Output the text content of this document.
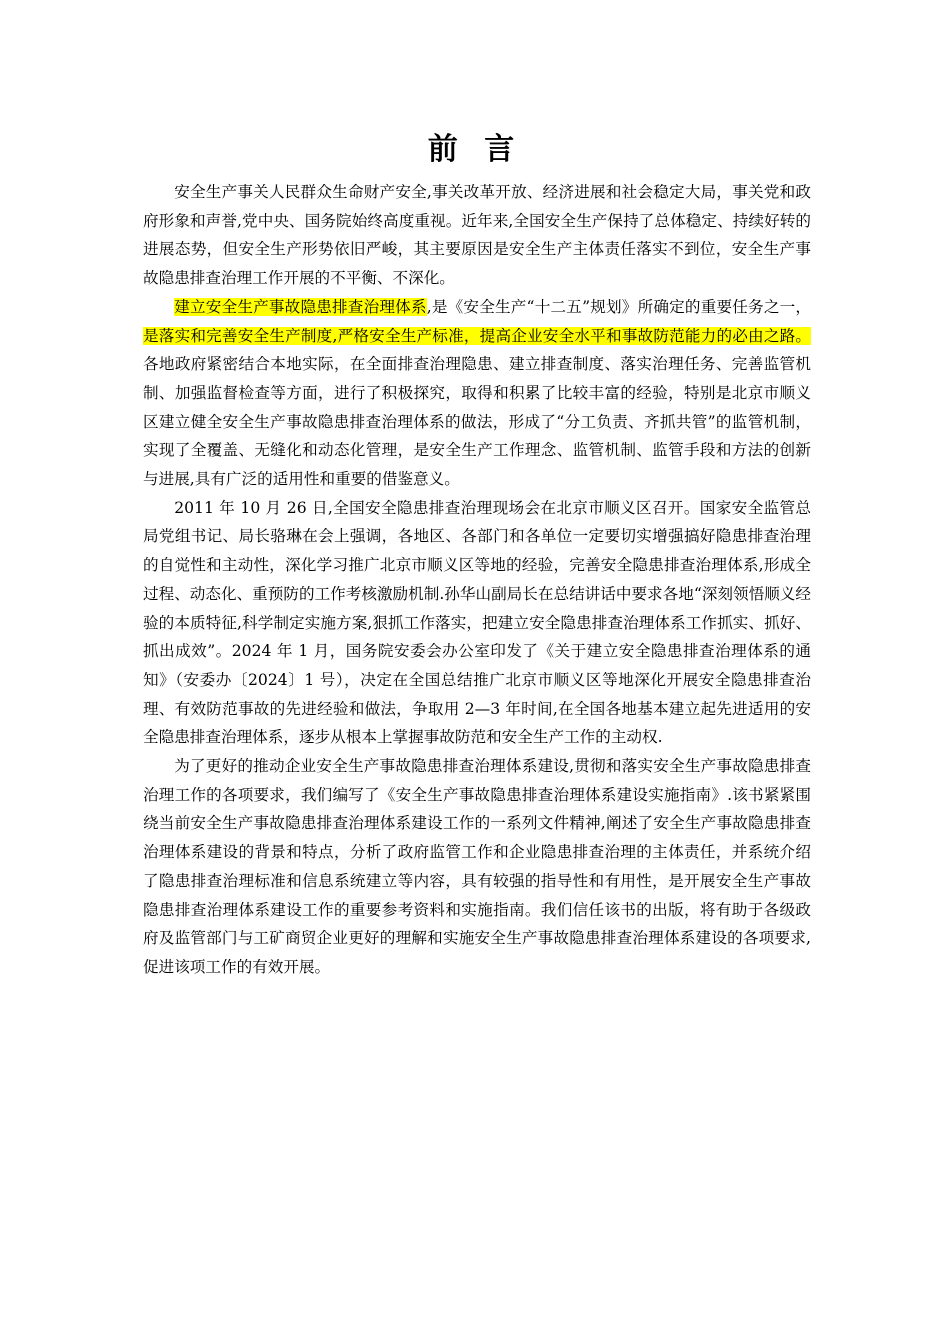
前 言

安全生产事关人民群众生命财产安全,事关改革开放、经济进展和社会稳定大局，事关党和政府形象和声誉,党中央、国务院始终高度重视。近年来,全国安全生产保持了总体稳定、持续好转的进展态势，但安全生产形势依旧严峻，其主要原因是安全生产主体责任落实不到位，安全生产事故隐患排查治理工作开展的不平衡、不深化。

建立安全生产事故隐患排查治理体系,是《安全生产“十二五”规划》所确定的重要任务之一，是落实和完善安全生产制度,严格安全生产标准，提高企业安全水平和事故防范能力的必由之路。各地政府紧密结合本地实际，在全面排查治理隐患、建立排查制度、落实治理任务、完善监管机制、加强监督检查等方面，进行了积极探究，取得和积累了比较丰富的经验，特别是北京市顺义区建立健全安全生产事故隐患排查治理体系的做法，形成了“分工负责、齐抓共管”的监管机制，实现了全覆盖、无缝化和动态化管理，是安全生产工作理念、监管机制、监管手段和方法的创新与进展,具有广泛的适用性和重要的借鉴意义。

2011 年 10 月 26 日,全国安全隐患排查治理现场会在北京市顺义区召开。国家安全监管总局党组书记、局长骆琳在会上强调，各地区、各部门和各单位一定要切实增强搞好隐患排查治理的自觉性和主动性，深化学习推广北京市顺义区等地的经验，完善安全隐患排查治理体系,形成全过程、动态化、重预防的工作考核激励机制.孙华山副局长在总结讲话中要求各地“深刻领悟顺义经验的本质特征,科学制定实施方案,狠抓工作落实，把建立安全隐患排查治理体系工作抓实、抓好、抓出成效”。2024 年 1 月，国务院安委会办公室印发了《关于建立安全隐患排查治理体系的通知》（安委办〔2024〕1 号），决定在全国总结推广北京市顺义区等地深化开展安全隐患排查治理、有效防范事故的先进经验和做法，争取用 2—3 年时间,在全国各地基本建立起先进适用的安全隐患排查治理体系，逐步从根本上掌握事故防范和安全生产工作的主动权.

为了更好的推动企业安全生产事故隐患排查治理体系建设,贯彻和落实安全生产事故隐患排查治理工作的各项要求，我们编写了《安全生产事故隐患排查治理体系建设实施指南》.该书紧紧围绕当前安全生产事故隐患排查治理体系建设工作的一系列文件精神,阐述了安全生产事故隐患排查治理体系建设的背景和特点，分析了政府监管工作和企业隐患排查治理的主体责任，并系统介绍了隐患排查治理标准和信息系统建立等内容，具有较强的指导性和有用性，是开展安全生产事故隐患排查治理体系建设工作的重要参考资料和实施指南。我们信任该书的出版，将有助于各级政府及监管部门与工矿商贸企业更好的理解和实施安全生产事故隐患排查治理体系建设的各项要求,促进该项工作的有效开展。
